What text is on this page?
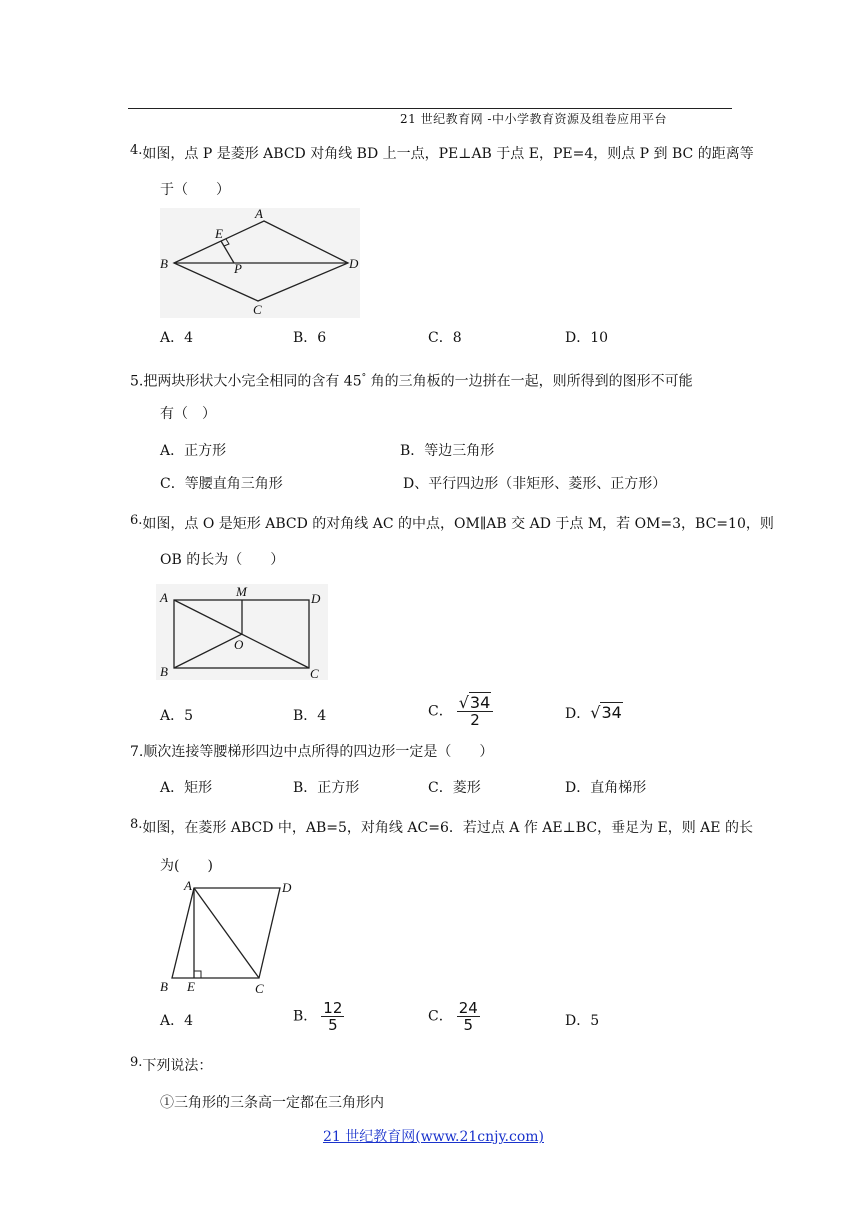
21 世纪教育网 -中小学教育资源及组卷应用平台
4.如图，点 P 是菱形 ABCD 对角线 BD 上一点，PE⊥AB 于点 E，PE=4，则点 P 到 BC 的距离等
于（　　）
A
B	D
C
E
P
A．4	B．6	C．8	D．10
5.把两块形状大小完全相同的含有 45° 角的三角板的一边拼在一起，则所得到的图形不可能
有（　）
A．正方形	B．等边三角形
C．等腰直角三角形	D、平行四边形（非矩形、菱形、正方形）
6.如图，点 O 是矩形 ABCD 的对角线 AC 的中点，OM∥AB 交 AD 于点 M，若 OM=3，BC=10，则
OB 的长为（　　）
A
B	C
D
M
O
A．5	B．4	C． $\frac{√34}{2}$	D．√34
7.顺次连接等腰梯形四边中点所得的四边形一定是（　　）
A．矩形	B．正方形	C．菱形	D．直角梯形
8.如图，在菱形 ABCD 中，AB=5，对角线 AC=6．若过点 A 作 AE⊥BC，垂足为 E，则 AE 的长
为(　　)
A	D
B E	C
A．4	B． $\frac{12}{5}$	C． $\frac{24}{5}$	D．5
9.下列说法：
①三角形的三条高一定都在三角形内
21 世纪教育网(www.21cnjy.com)
